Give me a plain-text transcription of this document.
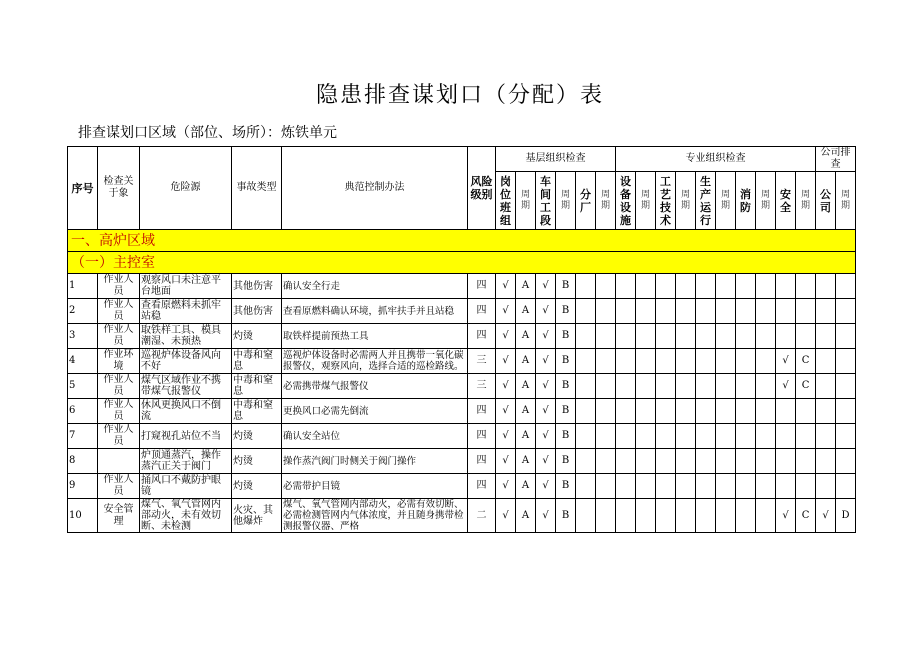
隐患排查谋划口（分配）表
排查谋划口区域（部位、场所）：炼铁单元
序号	检查关于象	危险源	事故类型	典范控制办法	风险级别	基层组织检查						专业组织检查										公司排查	
						岗位班组	周期	车间工段	周期	分厂	周期	设备设施	周期	工艺技术	周期	生产运行	周期	消防	周期	安全	周期	公司	周期
一、高炉区域																							
（一）主控室																							
1	作业人员	观察风口未注意平台地面	其他伤害	确认安全行走	四	√	A	√	B														
2	作业人员	查看原燃料未抓牢站稳	其他伤害	查看原燃料确认环境，抓牢扶手并且站稳	四	√	A	√	B														
3	作业人员	取铁样工具、模具潮湿、未预热	灼烫	取铁样提前预热工具	四	√	A	√	B														
4	作业环境	巡视炉体设备风向不好	中毒和窒息	巡视炉体设备时必需两人并且携带一氧化碳报警仪，观察风向，选择合适的巡检路线。	三	√	A	√	B											√	C		
5	作业人员	煤气区域作业不携带煤气报警仪	中毒和窒息	必需携带煤气报警仪	三	√	A	√	B											√	C		
6	作业人员	休风更换风口不倒流	中毒和窒息	更换风口必需先倒流	四	√	A	√	B														
7	作业人员	打窥视孔站位不当	灼烫	确认安全站位	四	√	A	√	B														
8		炉顶通蒸汽，操作蒸汽正关于阀门	灼烫	操作蒸汽阀门时侧关于阀门操作	四	√	A	√	B														
9	作业人员	捅风口不戴防护眼镜	灼烫	必需带护目镜	四	√	A	√	B														
10	安全管理	煤气、氧气管网内部动火，未有效切断、未检测	火灾、其他爆炸	煤气、氧气管网内部动火，必需有效切断、必需检测管网内气体浓度，并且随身携带检测报警仪器、严格	二	√	A	√	B											√	C	√	D
